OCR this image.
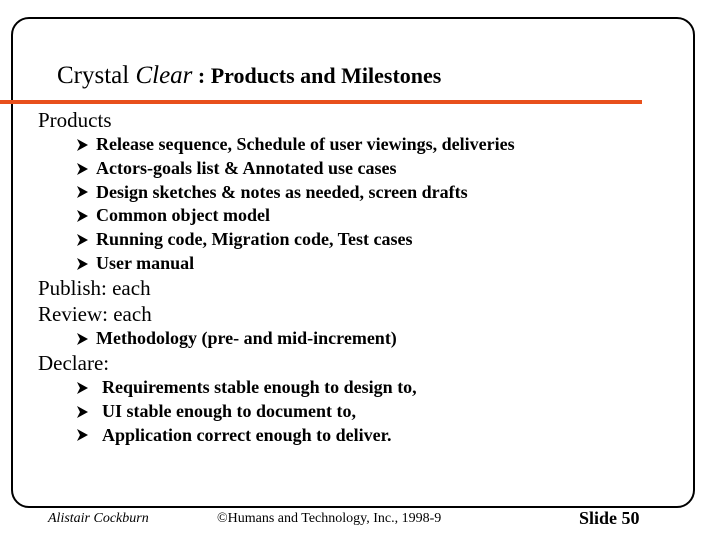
Crystal Clear : Products and Milestones
Products
Release sequence, Schedule of user viewings, deliveries
Actors-goals list & Annotated use cases
Design sketches & notes as needed, screen drafts
Common object model
Running code, Migration code, Test cases
User manual
Publish: each
Review: each
Methodology (pre- and mid-increment)
Declare:
Requirements stable enough to design to,
UI stable enough to document to,
Application correct enough to deliver.
Alistair Cockburn	©Humans and Technology, Inc., 1998-9	Slide 50
